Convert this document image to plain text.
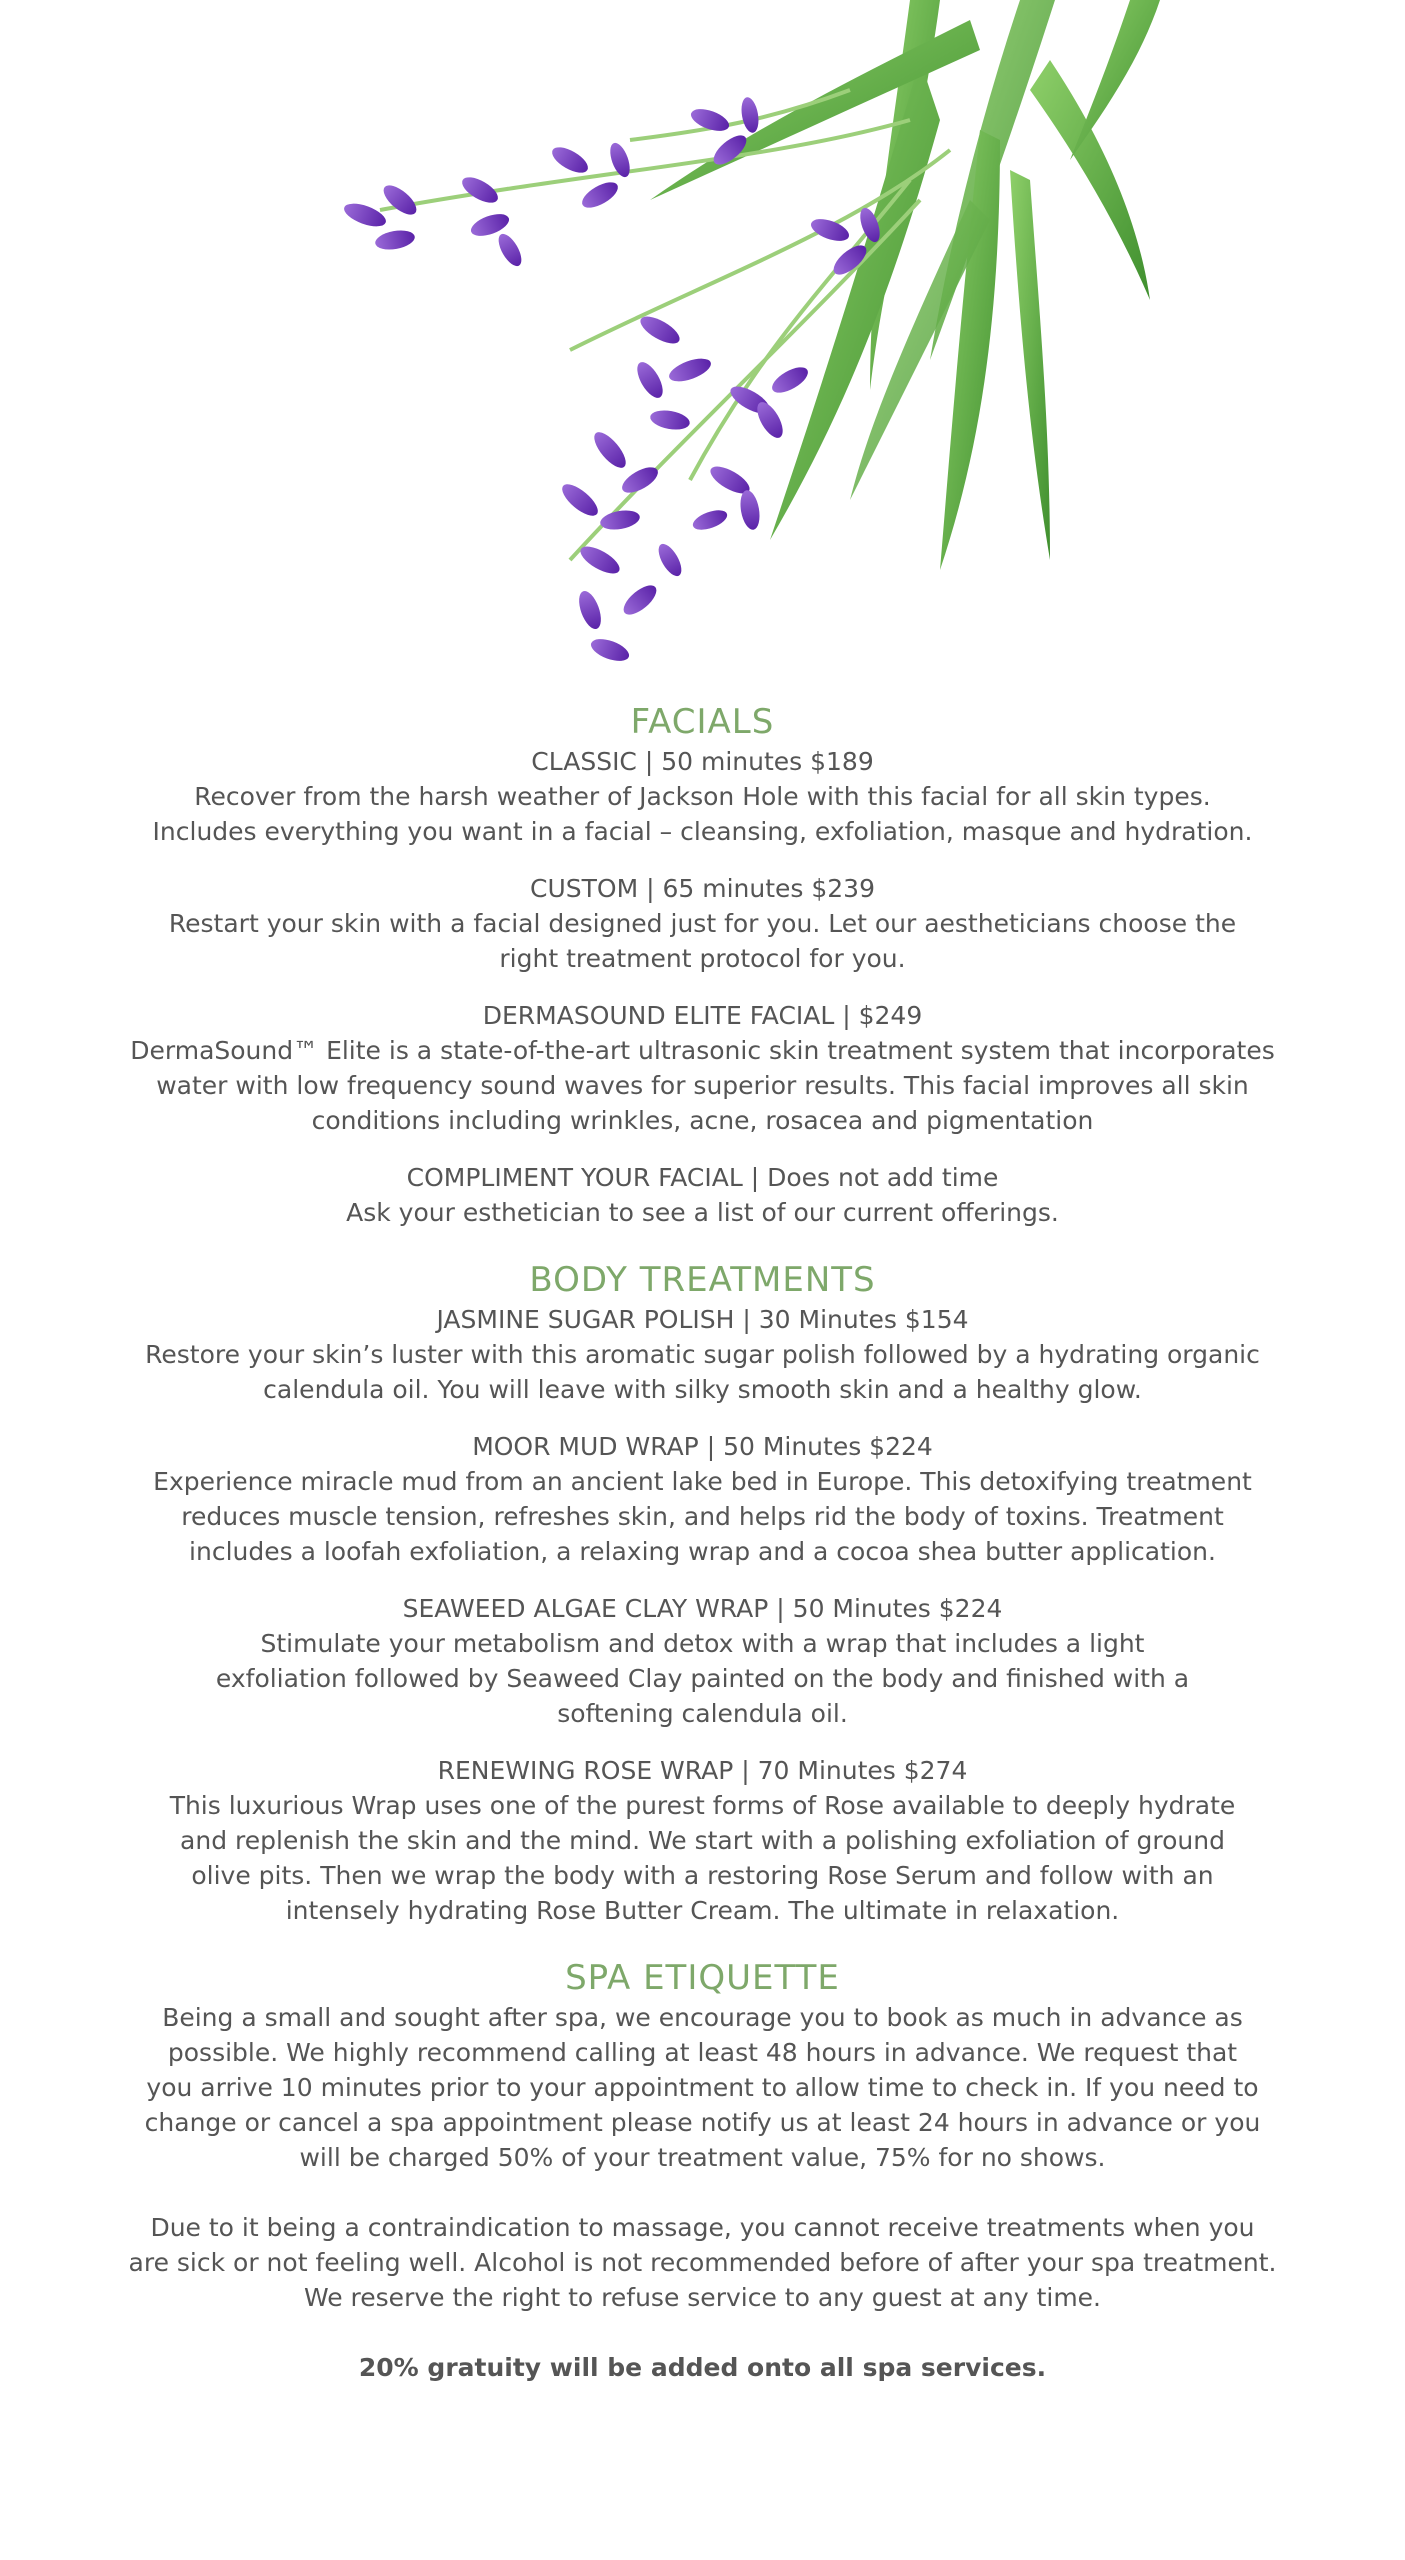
FACIALS
CLASSIC | 50 minutes $189
Recover from the harsh weather of Jackson Hole with this facial for all skin types.
Includes everything you want in a facial – cleansing, exfoliation, masque and hydration.
CUSTOM | 65 minutes $239
Restart your skin with a facial designed just for you. Let our aestheticians choose the
right treatment protocol for you.
DERMASOUND ELITE FACIAL | $249
DermaSound™ Elite is a state-of-the-art ultrasonic skin treatment system that incorporates
water with low frequency sound waves for superior results. This facial improves all skin
conditions including wrinkles, acne, rosacea and pigmentation
COMPLIMENT YOUR FACIAL | Does not add time
Ask your esthetician to see a list of our current offerings.
BODY TREATMENTS
JASMINE SUGAR POLISH | 30 Minutes $154
Restore your skin’s luster with this aromatic sugar polish followed by a hydrating organic
calendula oil. You will leave with silky smooth skin and a healthy glow.
MOOR MUD WRAP | 50 Minutes $224
Experience miracle mud from an ancient lake bed in Europe. This detoxifying treatment
reduces muscle tension, refreshes skin, and helps rid the body of toxins. Treatment
includes a loofah exfoliation, a relaxing wrap and a cocoa shea butter application.
SEAWEED ALGAE CLAY WRAP | 50 Minutes $224
Stimulate your metabolism and detox with a wrap that includes a light
exfoliation followed by Seaweed Clay painted on the body and finished with a
softening calendula oil.
RENEWING ROSE WRAP | 70 Minutes $274
This luxurious Wrap uses one of the purest forms of Rose available to deeply hydrate
and replenish the skin and the mind. We start with a polishing exfoliation of ground
olive pits. Then we wrap the body with a restoring Rose Serum and follow with an
intensely hydrating Rose Butter Cream. The ultimate in relaxation.
SPA ETIQUETTE
Being a small and sought after spa, we encourage you to book as much in advance as
possible. We highly recommend calling at least 48 hours in advance. We request that
you arrive 10 minutes prior to your appointment to allow time to check in. If you need to
change or cancel a spa appointment please notify us at least 24 hours in advance or you
will be charged 50% of your treatment value, 75% for no shows.
Due to it being a contraindication to massage, you cannot receive treatments when you
are sick or not feeling well. Alcohol is not recommended before of after your spa treatment.
We reserve the right to refuse service to any guest at any time.
20% gratuity will be added onto all spa services.
